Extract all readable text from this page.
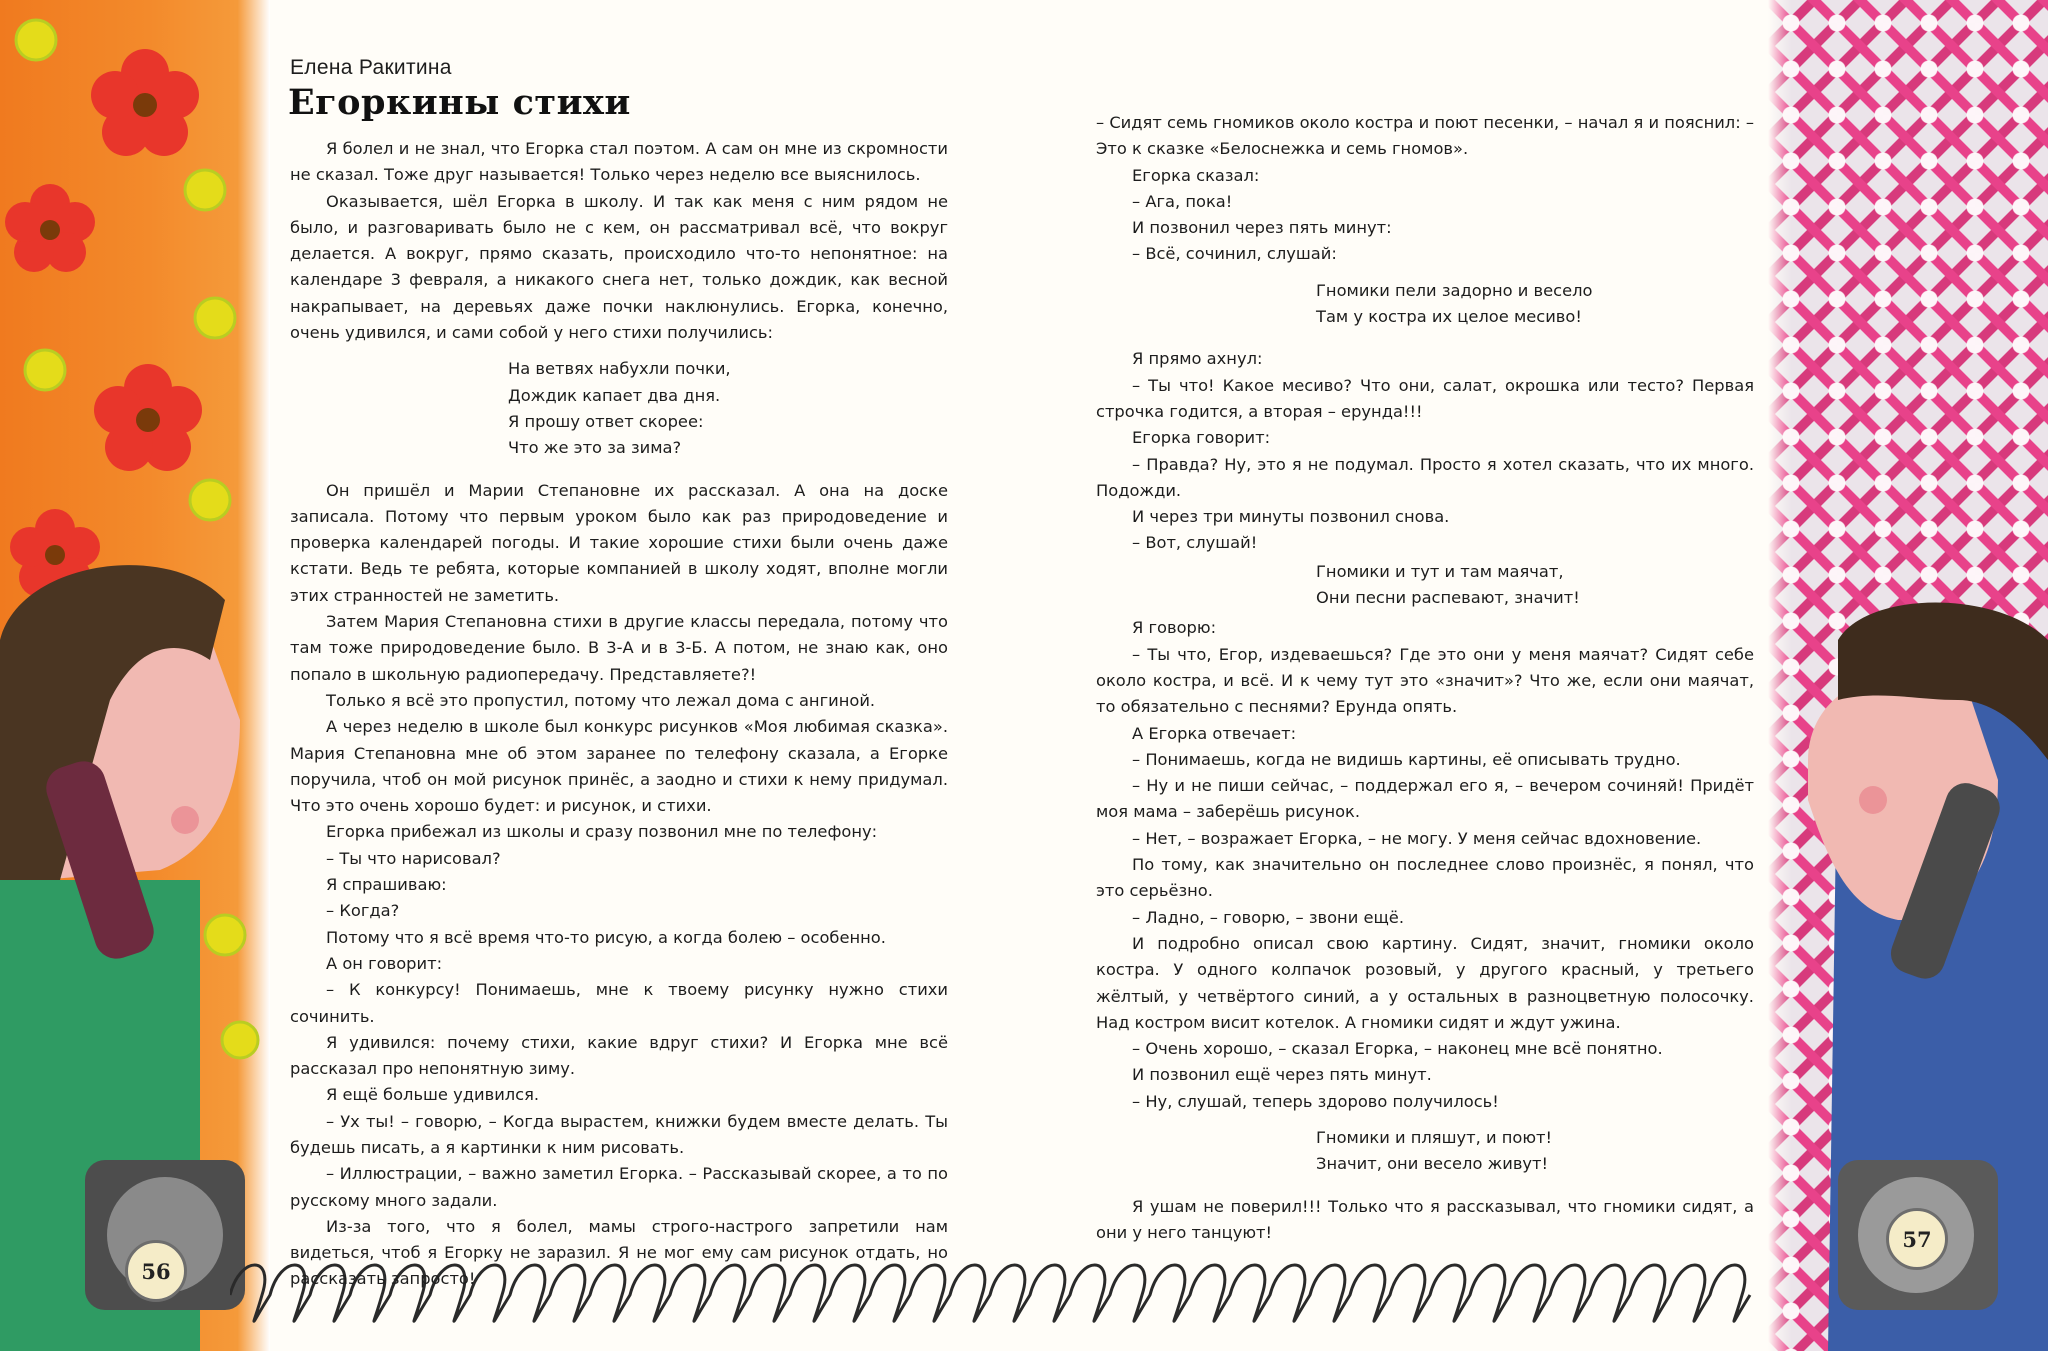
56
57
Елена Ракитина
Егоркины стихи

Я болел и не знал, что Егорка стал поэтом. А сам он мне из скромности не сказал. Тоже друг называется! Только через неделю все выяснилось.

Оказывается, шёл Егорка в школу. И так как меня с ним рядом не было, и разговаривать было не с кем, он рассматривал всё, что вокруг делается. А вокруг, прямо сказать, происходило что-то непонятное: на календаре 3 февраля, а никакого снега нет, только дождик, как весной накрапывает, на деревьях даже почки наклюнулись. Егорка, конечно, очень удивился, и сами собой у него стихи получились:

На ветвях набухли почки,
Дождик капает два дня.
Я прошу ответ скорее:
Что же это за зима?

Он пришёл и Марии Степановне их рассказал. А она на доске записала. Потому что первым уроком было как раз природоведение и проверка календарей погоды. И такие хорошие стихи были очень даже кстати. Ведь те ребята, которые компанией в школу ходят, вполне могли этих странностей не заметить.

Затем Мария Степановна стихи в другие классы передала, потому что там тоже природоведение было. В 3-А и в 3-Б. А потом, не знаю как, оно попало в школьную радиопередачу. Представляете?!

Только я всё это пропустил, потому что лежал дома с ангиной.

А через неделю в школе был конкурс рисунков «Моя любимая сказка». Мария Степановна мне об этом заранее по телефону сказала, а Егорке поручила, чтоб он мой рисунок принёс, а заодно и стихи к нему придумал. Что это очень хорошо будет: и рисунок, и стихи.

Егорка прибежал из школы и сразу позвонил мне по телефону:

– Ты что нарисовал?

Я спрашиваю:

– Когда?

Потому что я всё время что-то рисую, а когда болею – особенно.

А он говорит:

– К конкурсу! Понимаешь, мне к твоему рисунку нужно стихи сочинить.

Я удивился: почему стихи, какие вдруг стихи? И Егорка мне всё рассказал про непонятную зиму.

Я ещё больше удивился.

– Ух ты! – говорю, – Когда вырастем, книжки будем вместе делать. Ты будешь писать, а я картинки к ним рисовать.

– Иллюстрации, – важно заметил Егорка. – Рассказывай скорее, а то по русскому много задали.

Из-за того, что я болел, мамы строго-настрого запретили нам видеться, чтоб я Егорку не заразил. Я не мог ему сам рисунок отдать, но рассказать запросто!

– Сидят семь гномиков около костра и поют песенки, – начал я и пояснил: – Это к сказке «Белоснежка и семь гномов».

Егорка сказал:

– Ага, пока!

И позвонил через пять минут:

– Всё, сочинил, слушай:

Гномики пели задорно и весело
Там у костра их целое месиво!

Я прямо ахнул:

– Ты что! Какое месиво? Что они, салат, окрошка или тесто? Первая строчка годится, а вторая – ерунда!!!

Егорка говорит:

– Правда? Ну, это я не подумал. Просто я хотел сказать, что их много. Подожди.

И через три минуты позвонил снова.

– Вот, слушай!

Гномики и тут и там маячат,
Они песни распевают, значит!

Я говорю:

– Ты что, Егор, издеваешься? Где это они у меня маячат? Сидят себе около костра, и всё. И к чему тут это «значит»? Что же, если они маячат, то обязательно с песнями? Ерунда опять.

А Егорка отвечает:

– Понимаешь, когда не видишь картины, её описывать трудно.

– Ну и не пиши сейчас, – поддержал его я, – вечером сочиняй! Придёт моя мама – заберёшь рисунок.

– Нет, – возражает Егорка, – не могу. У меня сейчас вдохновение.

По тому, как значительно он последнее слово произнёс, я понял, что это серьёзно.

– Ладно, – говорю, – звони ещё.

И подробно описал свою картину. Сидят, значит, гномики около костра. У одного колпачок розовый, у другого красный, у третьего жёлтый, у четвёртого синий, а у остальных в разноцветную полосочку. Над костром висит котелок. А гномики сидят и ждут ужина.

– Очень хорошо, – сказал Егорка, – наконец мне всё понятно.

И позвонил ещё через пять минут.

– Ну, слушай, теперь здорово получилось!

Гномики и пляшут, и поют!
Значит, они весело живут!

Я ушам не поверил!!! Только что я рассказывал, что гномики сидят, а они у него танцуют!
